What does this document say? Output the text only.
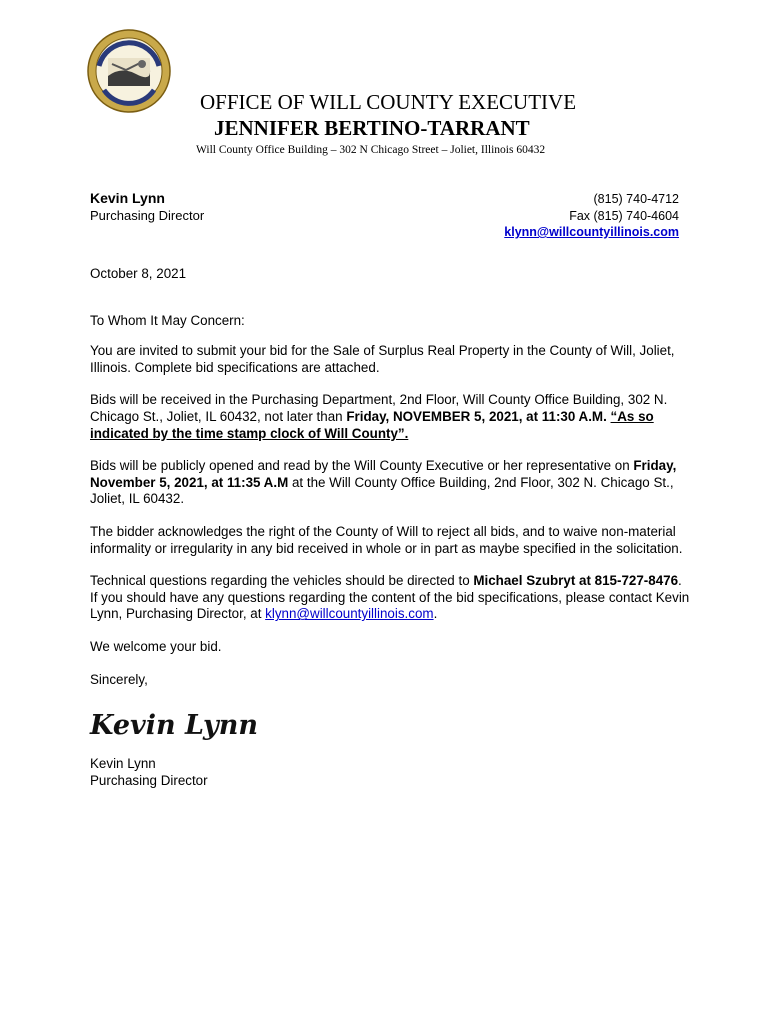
OFFICE OF WILL COUNTY EXECUTIVE
JENNIFER BERTINO-TARRANT
Will County Office Building – 302 N Chicago Street – Joliet, Illinois 60432
Kevin Lynn
Purchasing Director
(815) 740-4712
Fax (815) 740-4604
klynn@willcountyillinois.com

October 8, 2021

To Whom It May Concern:

You are invited to submit your bid for the Sale of Surplus Real Property in the County of Will, Joliet, Illinois. Complete bid specifications are attached.

Bids will be received in the Purchasing Department, 2nd Floor, Will County Office Building, 302 N. Chicago St., Joliet, IL 60432, not later than Friday, NOVEMBER 5, 2021, at 11:30 A.M. “As so indicated by the time stamp clock of Will County”.

Bids will be publicly opened and read by the Will County Executive or her representative on Friday, November 5, 2021, at 11:35 A.M at the Will County Office Building, 2nd Floor, 302 N. Chicago St., Joliet, IL 60432.

The bidder acknowledges the right of the County of Will to reject all bids, and to waive non-material informality or irregularity in any bid received in whole or in part as maybe specified in the solicitation.

Technical questions regarding the vehicles should be directed to Michael Szubryt at 815-727-8476. If you should have any questions regarding the content of the bid specifications, please contact Kevin Lynn, Purchasing Director, at klynn@willcountyillinois.com.

We welcome your bid.

Sincerely,

Kevin Lynn

Kevin Lynn

Purchasing Director
